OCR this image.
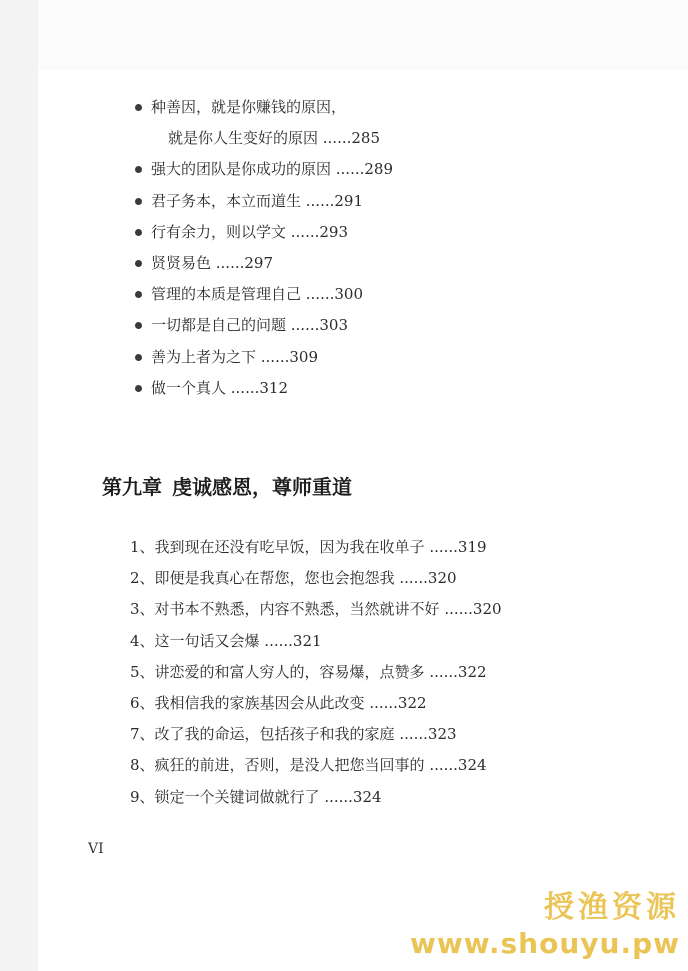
种善因，就是你赚钱的原因，
就是你人生变好的原因 ......285
强大的团队是你成功的原因 ......289
君子务本，本立而道生 ......291
行有余力，则以学文 ......293
贤贤易色 ......297
管理的本质是管理自己 ......300
一切都是自己的问题 ......303
善为上者为之下 ......309
做一个真人 ......312
第九章 虔诚感恩，尊师重道
1、我到现在还没有吃早饭，因为我在收单子 ......319
2、即便是我真心在帮您，您也会抱怨我 ......320
3、对书本不熟悉，内容不熟悉，当然就讲不好 ......320
4、这一句话又会爆 ......321
5、讲恋爱的和富人穷人的，容易爆，点赞多 ......322
6、我相信我的家族基因会从此改变 ......322
7、改了我的命运，包括孩子和我的家庭 ......323
8、疯狂的前进，否则，是没人把您当回事的 ......324
9、锁定一个关键词做就行了 ......324
VI
授渔资源
www.shouyu.pw
